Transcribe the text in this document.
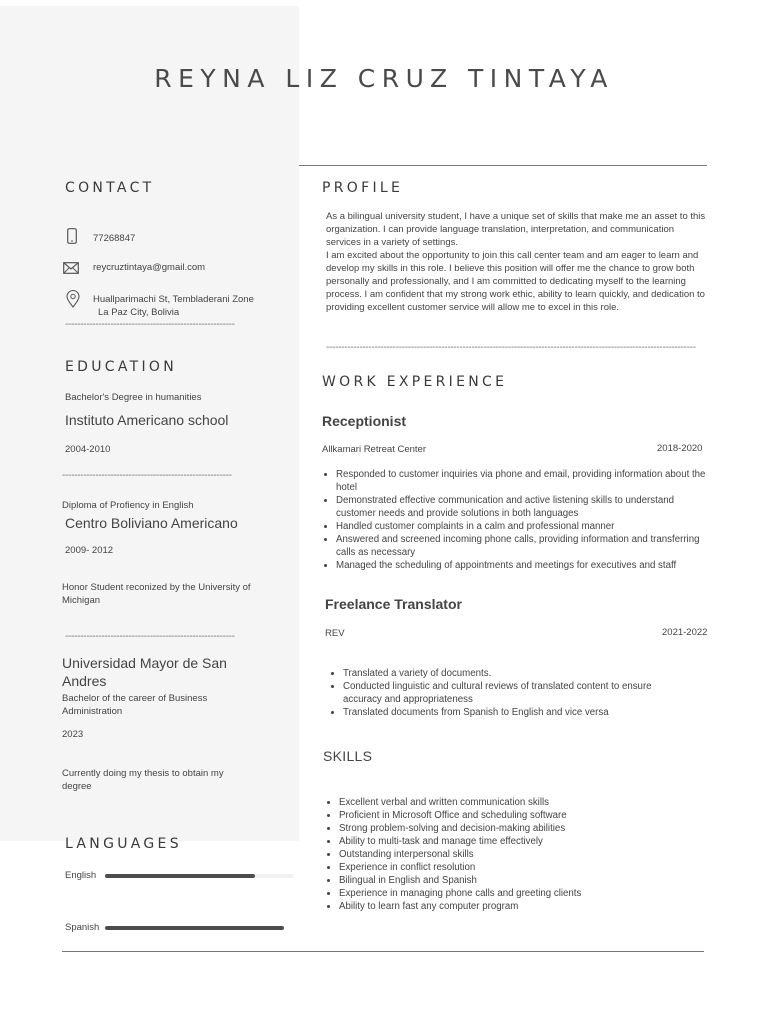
REYNA LIZ CRUZ TINTAYA
CONTACT
77268847
reycruztintaya@gmail.com
Huallparimachi St, Tembladerani Zone
La Paz City, Bolivia
--------------------------------------------------------
EDUCATION
Bachelor's Degree in humanities
Instituto Americano school
2004-2010
--------------------------------------------------------
Diploma of Profiency in English
Centro Boliviano Americano
2009- 2012
Honor Student reconized by the University of Michigan
--------------------------------------------------------
Universidad Mayor de San Andres
Bachelor of the career of Business Administration
2023
Currently doing my thesis to obtain my degree
LANGUAGES
English
Spanish
PROFILE
As a bilingual university student, I have a unique set of skills that make me an asset to this organization. I can provide language translation, interpretation, and communication services in a variety of settings.
I am excited about the opportunity to join this call center team and am eager to learn and develop my skills in this role. I believe this position will offer me the chance to grow both personally and professionally, and I am committed to dedicating myself to the learning process. I am confident that my strong work ethic, ability to learn quickly, and dedication to providing excellent customer service will allow me to excel in this role.
--------------------------------------------------------------------------------------------------------------------------
WORK EXPERIENCE
Receptionist
Allkamari Retreat Center	2018-2020
• Responded to customer inquiries via phone and email, providing information about the hotel
• Demonstrated effective communication and active listening skills to understand customer needs and provide solutions in both languages
• Handled customer complaints in a calm and professional manner
• Answered and screened incoming phone calls, providing information and transferring calls as necessary
• Managed the scheduling of appointments and meetings for executives and staff
Freelance Translator
REV	2021-2022
• Translated a variety of documents.
• Conducted linguistic and cultural reviews of translated content to ensure accuracy and appropriateness
• Translated documents from Spanish to English and vice versa
SKILLS
• Excellent verbal and written communication skills
• Proficient in Microsoft Office and scheduling software
• Strong problem-solving and decision-making abilities
• Ability to multi-task and manage time effectively
• Outstanding interpersonal skills
• Experience in conflict resolution
• Bilingual in English and Spanish
• Experience in managing phone calls and greeting clients
• Ability to learn fast any computer program
